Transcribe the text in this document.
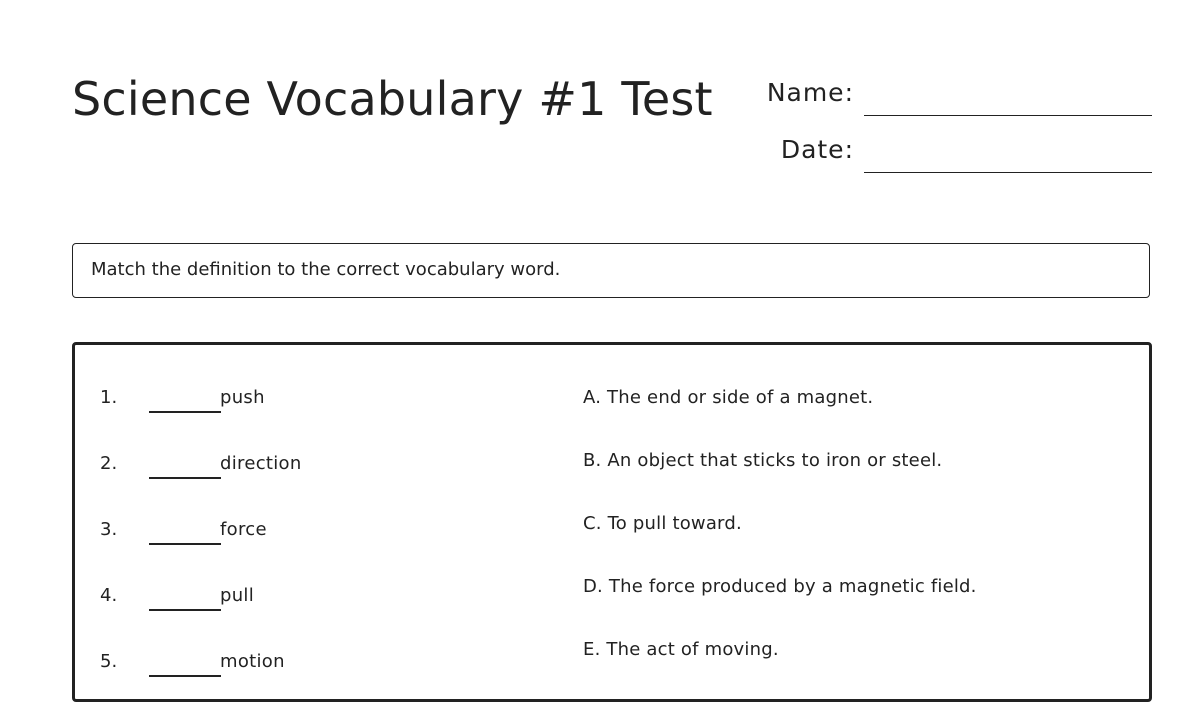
Science Vocabulary #1 Test Name:
Date:
Match the definition to the correct vocabulary word.
1.	push
2.	direction
3.	force
4.	pull
5.	motion
A. The end or side of a magnet.
B. An object that sticks to iron or steel.
C. To pull toward.
D. The force produced by a magnetic field.
E. The act of moving.
